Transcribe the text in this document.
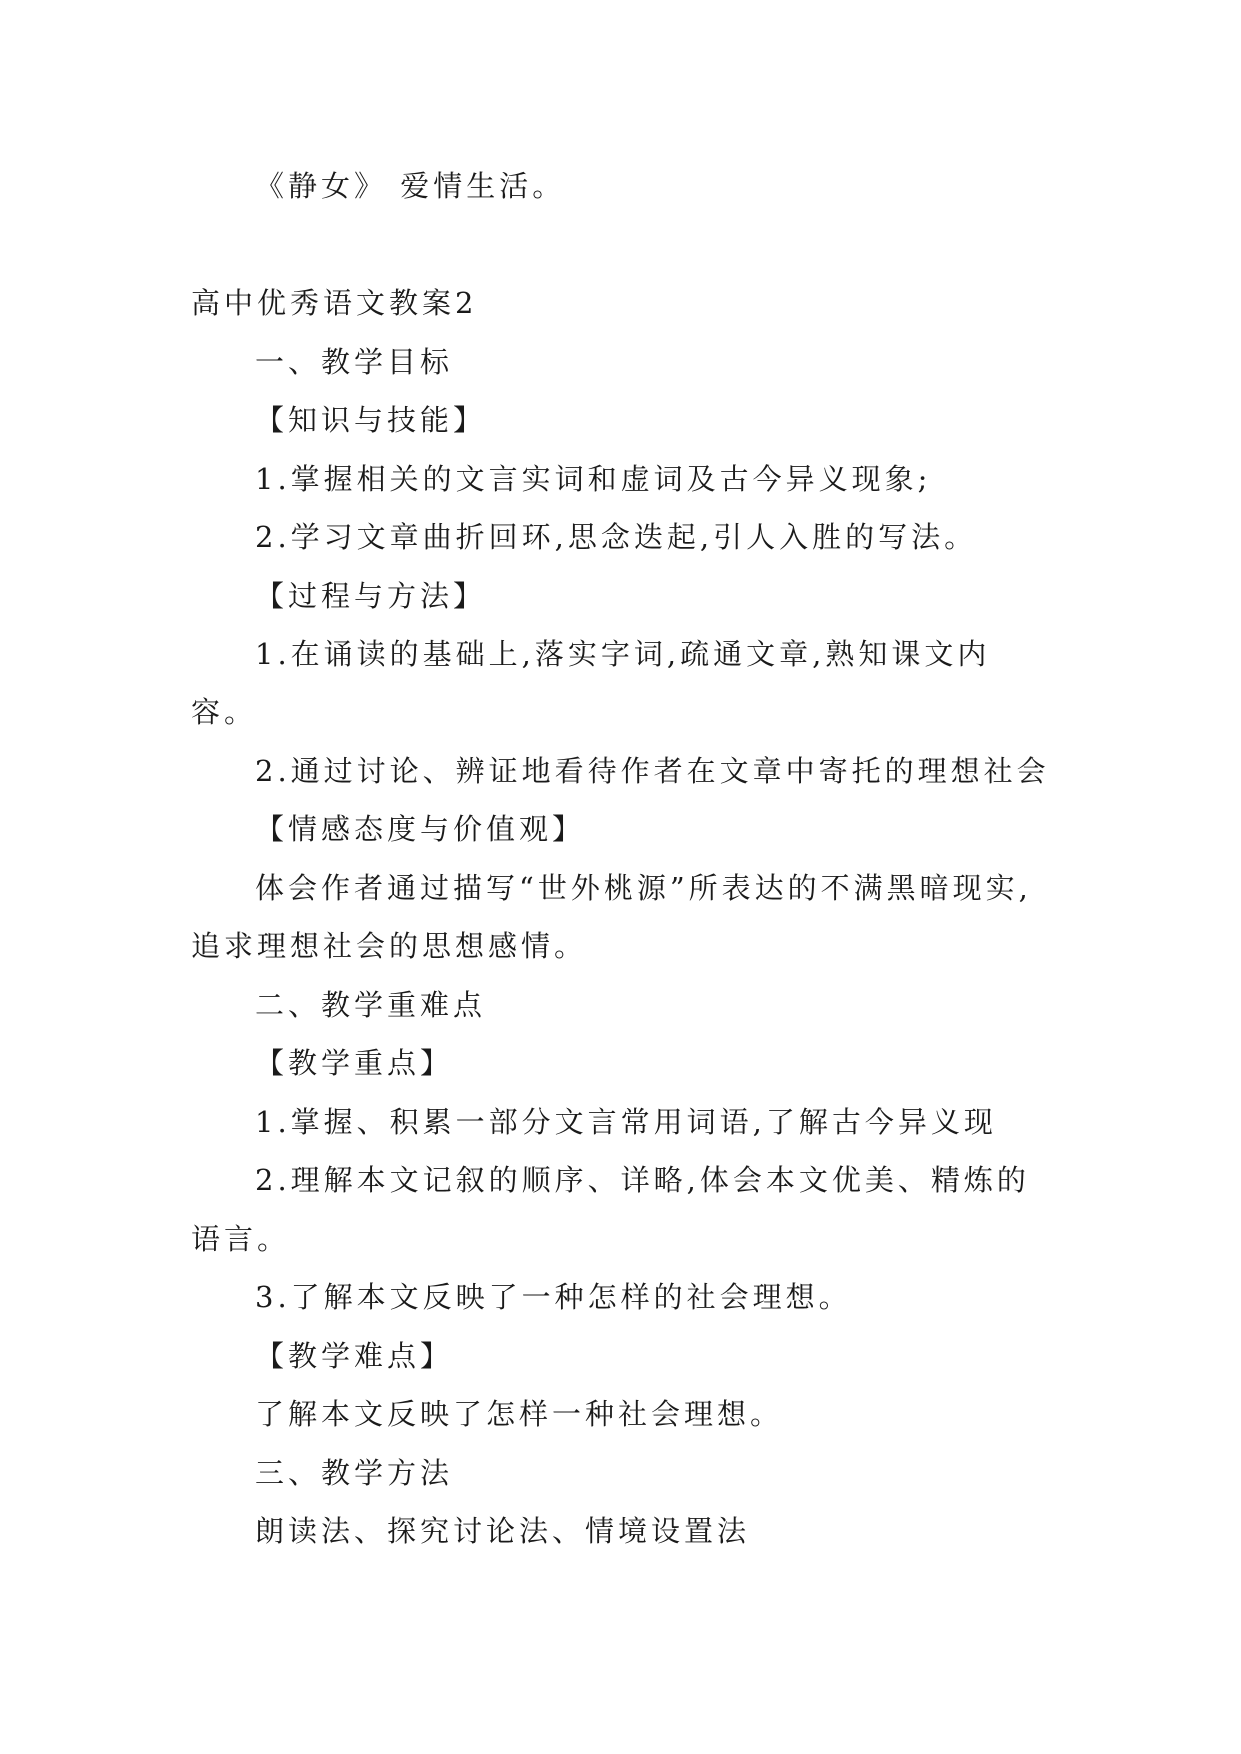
《静女》 爱情生活。
高中优秀语文教案2
一、教学目标
【知识与技能】
1.掌握相关的文言实词和虚词及古今异义现象;
2.学习文章曲折回环,思念迭起,引人入胜的写法。
【过程与方法】
1.在诵读的基础上,落实字词,疏通文章,熟知课文内
容。
2.通过讨论、辨证地看待作者在文章中寄托的理想社会
【情感态度与价值观】
体会作者通过描写“世外桃源”所表达的不满黑暗现实,
追求理想社会的思想感情。
二、教学重难点
【教学重点】
1.掌握、积累一部分文言常用词语,了解古今异义现
2.理解本文记叙的顺序、详略,体会本文优美、精炼的
语言。
3.了解本文反映了一种怎样的社会理想。
【教学难点】
了解本文反映了怎样一种社会理想。
三、教学方法
朗读法、探究讨论法、情境设置法
